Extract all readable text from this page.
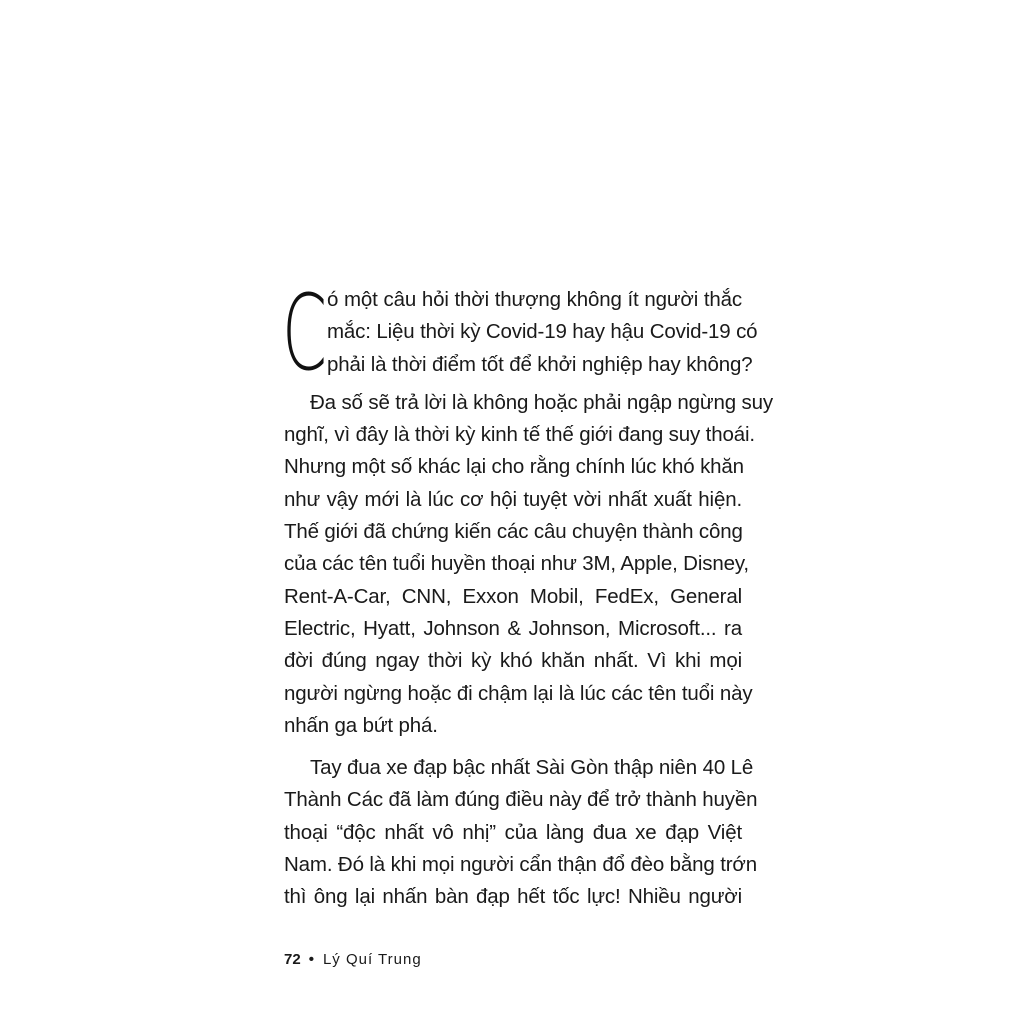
C ó một câu hỏi thời thượng không ít người thắc
mắc: Liệu thời kỳ Covid-19 hay hậu Covid-19 có
phải là thời điểm tốt để khởi nghiệp hay không?
Đa số sẽ trả lời là không hoặc phải ngập ngừng suy
nghĩ, vì đây là thời kỳ kinh tế thế giới đang suy thoái.
Nhưng một số khác lại cho rằng chính lúc khó khăn
như vậy mới là lúc cơ hội tuyệt vời nhất xuất hiện.
Thế giới đã chứng kiến các câu chuyện thành công
của các tên tuổi huyền thoại như 3M, Apple, Disney,
Rent-A-Car, CNN, Exxon Mobil, FedEx, General
Electric, Hyatt, Johnson & Johnson, Microsoft... ra
đời đúng ngay thời kỳ khó khăn nhất. Vì khi mọi
người ngừng hoặc đi chậm lại là lúc các tên tuổi này
nhấn ga bứt phá.
Tay đua xe đạp bậc nhất Sài Gòn thập niên 40 Lê
Thành Các đã làm đúng điều này để trở thành huyền
thoại “độc nhất vô nhị” của làng đua xe đạp Việt
Nam. Đó là khi mọi người cẩn thận đổ đèo bằng trớn
thì ông lại nhấn bàn đạp hết tốc lực! Nhiều người
72 • Lý Quí Trung
